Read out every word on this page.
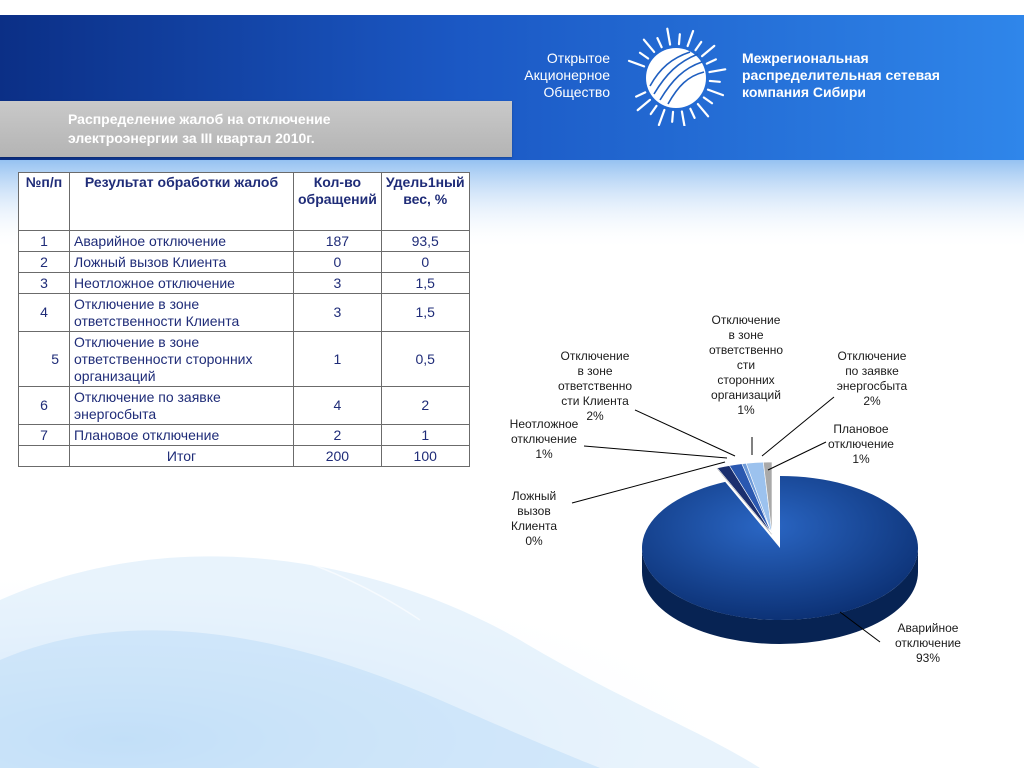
Открытое
Акционерное
Общество
Межрегиональная
распределительная сетевая
компания Сибири
Распределение жалоб на отключение
электроэнергии за III квартал 2010г.
№п/п	Результат обработки жалоб	Кол-во обращений	Удель1ный вес, %
1	Аварийное отключение	187	93,5
2	Ложный вызов Клиента	0	0
3	Неотложное отключение	3	1,5
4	Отключение в зоне ответственности Клиента	3	1,5
5	Отключение в зоне ответственности сторонних организаций	1	0,5
6	Отключение по заявке энергосбыта	4	2
7	Плановое отключение	2	1
	Итог	200	100
Аварийное отключение 93%
Ложный вызов Клиента 0%
Неотложное отключение 1%
Отключение в зоне ответственно сти Клиента 2%
Отключение в зоне ответственно сти сторонних организаций 1%
Отключение по заявке энергосбыта 2%
Плановое отключение 1%
